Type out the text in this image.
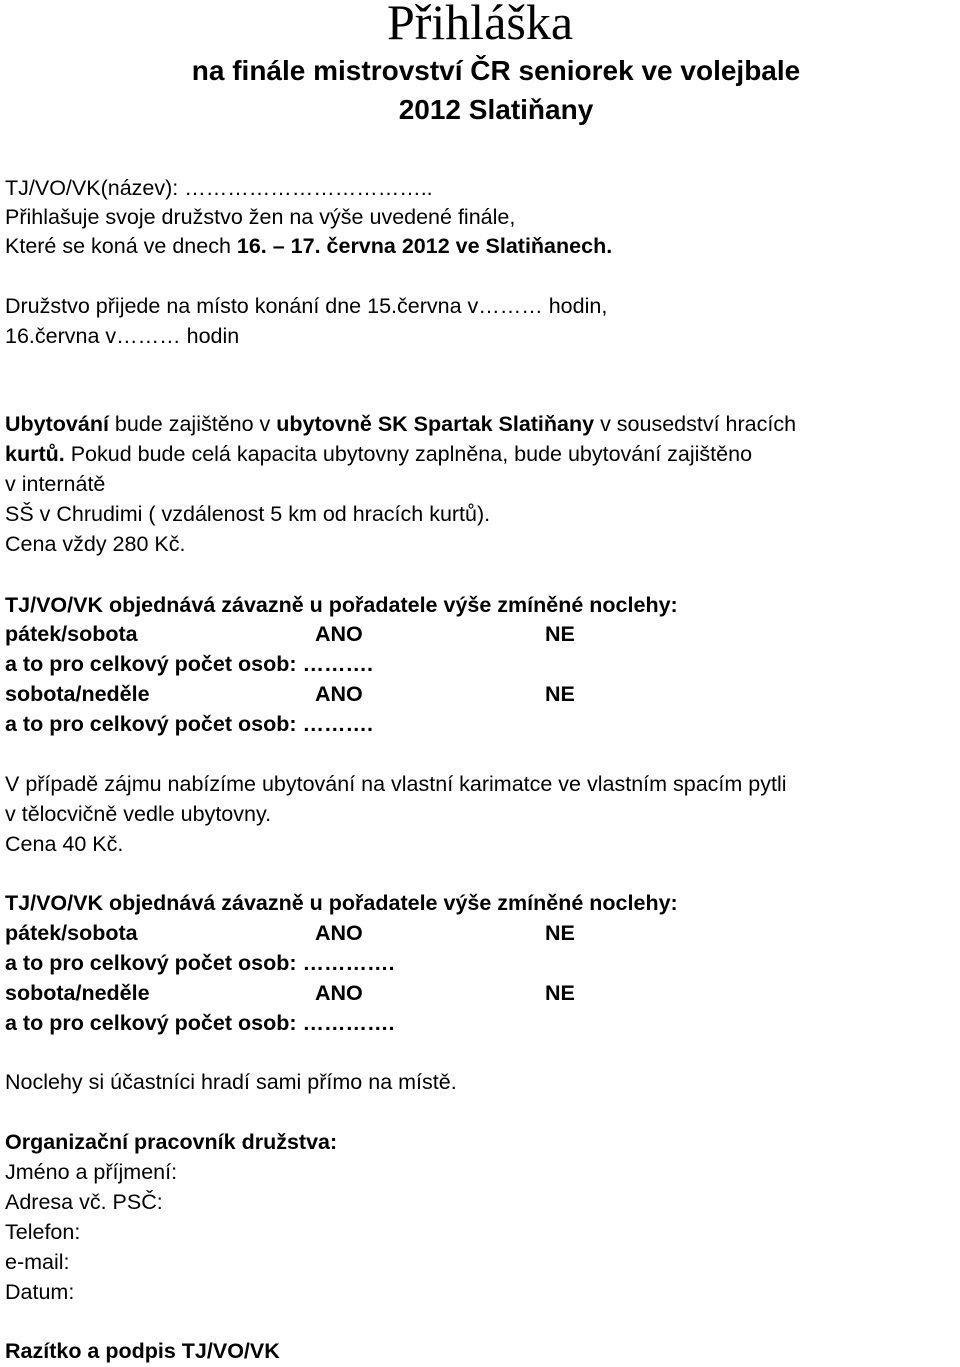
Přihláška
na finále mistrovství ČR seniorek ve volejbale
2012 Slatiňany
TJ/VO/VK(název): ……………………………..
Přihlašuje svoje družstvo žen na výše uvedené finále,
Které se koná ve dnech 16. – 17. června 2012 ve Slatiňanech.
Družstvo přijede na místo konání dne 15.června v……… hodin,
16.června v……… hodin
Ubytování bude zajištěno v ubytovně SK Spartak Slatiňany v sousedství hracích
kurtů. Pokud bude celá kapacita ubytovny zaplněna, bude ubytování zajištěno
v internátě
SŠ v Chrudimi ( vzdálenost 5 km od hracích kurtů).
Cena vždy 280 Kč.
TJ/VO/VK objednává závazně u pořadatele výše zmíněné noclehy:
pátek/sobota	ANO	NE
a to pro celkový počet osob: ……….
sobota/neděle	ANO	NE
a to pro celkový počet osob: ……….
V případě zájmu nabízíme ubytování na vlastní karimatce ve vlastním spacím pytli
v tělocvičně vedle ubytovny.
Cena 40 Kč.
TJ/VO/VK objednává závazně u pořadatele výše zmíněné noclehy:
pátek/sobota	ANO	NE
a to pro celkový počet osob: ………….
sobota/neděle	ANO	NE
a to pro celkový počet osob: ………….
Noclehy si účastníci hradí sami přímo na místě.
Organizační pracovník družstva:
Jméno a příjmení:
Adresa vč. PSČ:
Telefon:
e-mail:
Datum:
Razítko a podpis TJ/VO/VK
